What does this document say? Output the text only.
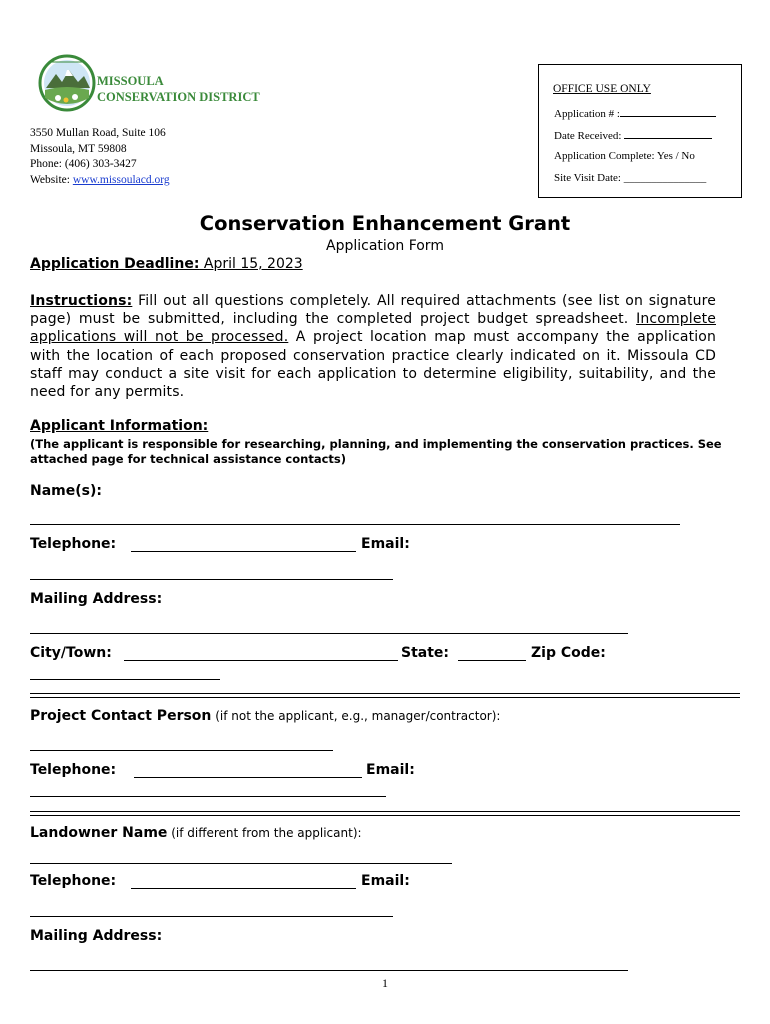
MISSOULA
CONSERVATION DISTRICT
3550 Mullan Road, Suite 106
Missoula, MT 59808
Phone: (406) 303-3427
Website: www.missoulacd.org
OFFICE USE ONLY
Application # :
Date Received:
Application Complete: Yes / No
Site Visit Date: _______________
Conservation Enhancement Grant
Application Form
Application Deadline: April 15, 2023
Instructions: Fill out all questions completely. All required attachments (see list on signature page) must be submitted, including the completed project budget spreadsheet. Incomplete applications will not be processed. A project location map must accompany the application with the location of each proposed conservation practice clearly indicated on it. Missoula CD staff may conduct a site visit for each application to determine eligibility, suitability, and the need for any permits.
Applicant Information:
(The applicant is responsible for researching, planning, and implementing the conservation practices. See attached page for technical assistance contacts)
Name(s):
Telephone:	Email:
Mailing Address:
City/Town:	State:	Zip Code:
Project Contact Person (if not the applicant, e.g., manager/contractor):
Telephone:	Email:
Landowner Name (if different from the applicant):
Telephone:	Email:
Mailing Address:
1
